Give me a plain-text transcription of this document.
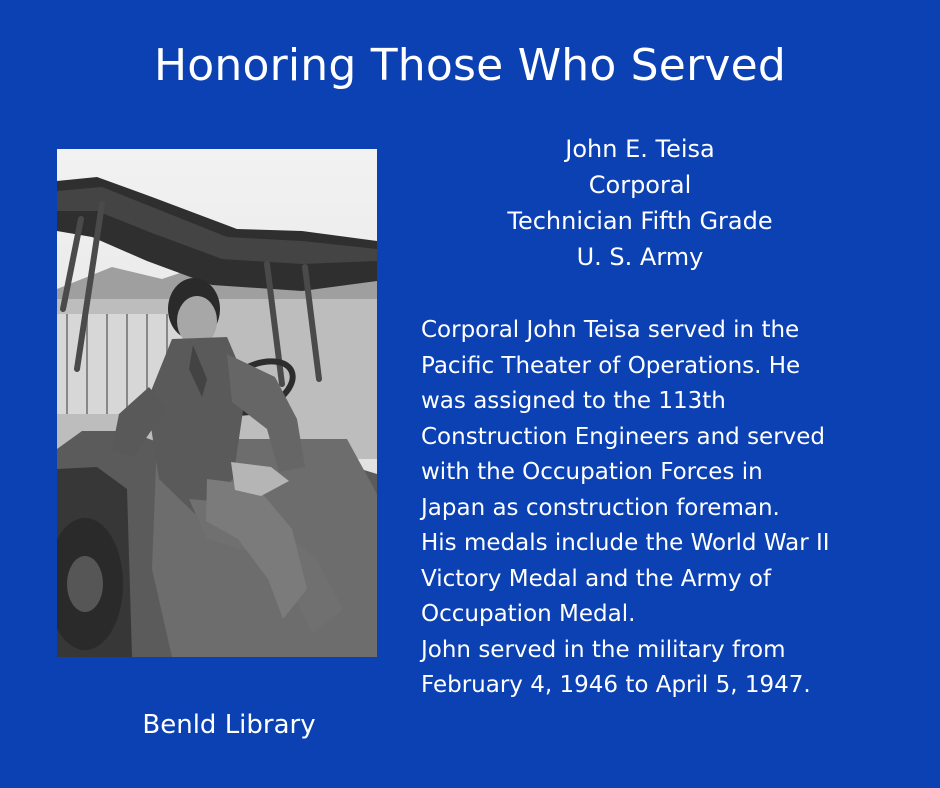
Honoring Those Who Served
Benld Library
John E. Teisa
Corporal
Technician Fifth Grade
U. S. Army
Corporal John Teisa served in the
Pacific Theater of Operations. He
was assigned to the 113th
Construction Engineers and served
with the Occupation Forces in
Japan as construction foreman.
His medals include the World War II
Victory Medal and the Army of
Occupation Medal.
John served in the military from
February 4, 1946 to April 5, 1947.
